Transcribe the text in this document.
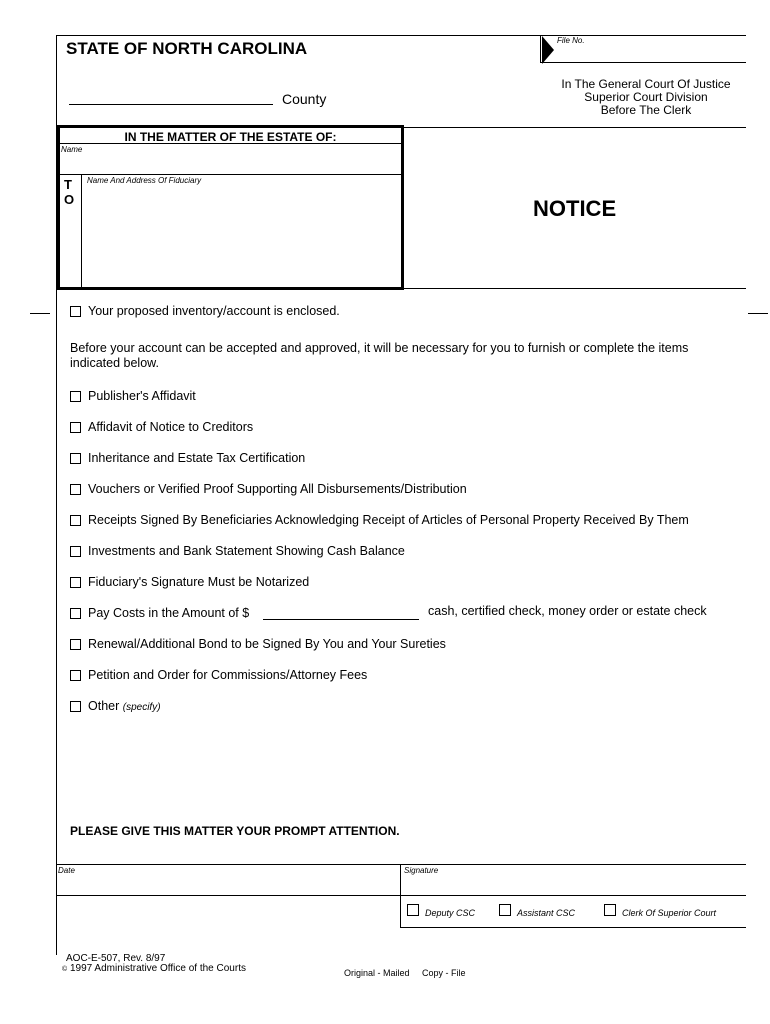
STATE OF NORTH CAROLINA	File No.
County
In The General Court Of Justice
Superior Court Division
Before The Clerk
IN THE MATTER OF THE ESTATE OF:
Name
T
O
Name And Address Of Fiduciary
NOTICE
Your proposed inventory/account is enclosed.
Before your account can be accepted and approved, it will be necessary for you to furnish or complete the items indicated below.
Publisher's Affidavit
Affidavit of Notice to Creditors
Inheritance and Estate Tax Certification
Vouchers or Verified Proof Supporting All Disbursements/Distribution
Receipts Signed By Beneficiaries Acknowledging Receipt of Articles of Personal Property Received By Them
Investments and Bank Statement Showing Cash Balance
Fiduciary's Signature Must be Notarized
Pay Costs in the Amount of $	cash, certified check, money order or estate check
Renewal/Additional Bond to be Signed By You and Your Sureties
Petition and Order for Commissions/Attorney Fees
Other (specify)
PLEASE GIVE THIS MATTER YOUR PROMPT ATTENTION.
Date	Signature
Deputy CSC	Assistant CSC	Clerk Of Superior Court
AOC-E-507, Rev. 8/97
© 1997 Administrative Office of the Courts	Original - Mailed     Copy - File
